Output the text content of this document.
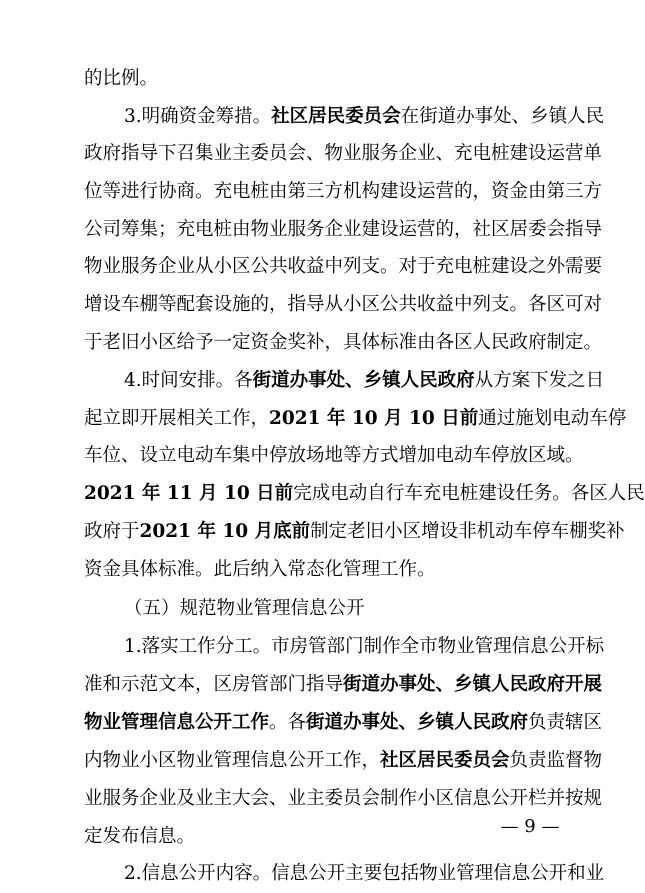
的比例。
3.明确资金筹措。社区居民委员会在街道办事处、乡镇人民
政府指导下召集业主委员会、物业服务企业、充电桩建设运营单
位等进行协商。充电桩由第三方机构建设运营的，资金由第三方
公司筹集；充电桩由物业服务企业建设运营的，社区居委会指导
物业服务企业从小区公共收益中列支。对于充电桩建设之外需要
增设车棚等配套设施的，指导从小区公共收益中列支。各区可对
于老旧小区给予一定资金奖补，具体标准由各区人民政府制定。
4.时间安排。各街道办事处、乡镇人民政府从方案下发之日
起立即开展相关工作，2021 年 10 月 10 日前通过施划电动车停
车位、设立电动车集中停放场地等方式增加电动车停放区域。
2021 年 11 月 10 日前完成电动自行车充电桩建设任务。各区人民
政府于2021 年 10 月底前制定老旧小区增设非机动车停车棚奖补
资金具体标准。此后纳入常态化管理工作。
（五）规范物业管理信息公开
1.落实工作分工。市房管部门制作全市物业管理信息公开标
准和示范文本，区房管部门指导街道办事处、乡镇人民政府开展
物业管理信息公开工作。各街道办事处、乡镇人民政府负责辖区
内物业小区物业管理信息公开工作，社区居民委员会负责监督物
业服务企业及业主大会、业主委员会制作小区信息公开栏并按规
定发布信息。
2.信息公开内容。信息公开主要包括物业管理信息公开和业
— 9 —
